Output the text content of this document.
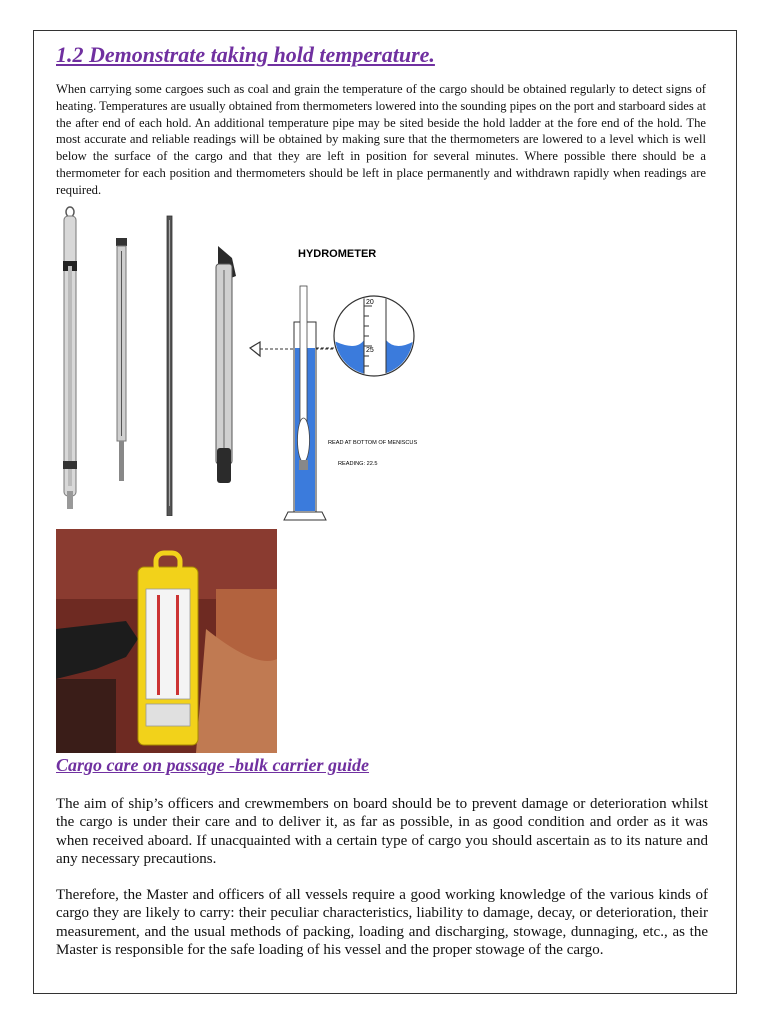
1.2 Demonstrate taking hold temperature.
When carrying some cargoes such as coal and grain the temperature of the cargo should be obtained regularly to detect signs of heating. Temperatures are usually obtained from thermometers lowered into the sounding pipes on the port and starboard sides at the after end of each hold. An additional temperature pipe may be sited beside the hold ladder at the fore end of the hold. The most accurate and reliable readings will be obtained by making sure that the thermometers are lowered to a level which is well below the surface of the cargo and that they are left in position for several minutes. Where possible there should be a thermometer for each position and thermometers should be left in place permanently and withdrawn rapidly when readings are required.
HYDROMETER
20
25
READ AT BOTTOM OF MENISCUS
READING: 22.5
Cargo care on passage -bulk carrier guide
The aim of ship’s officers and crewmembers on board should be to prevent damage or deterioration whilst the cargo is under their care and to deliver it, as far as possible, in as good condition and order as it was when received aboard. If unacquainted with a certain type of cargo you should ascertain as to its nature and any necessary precautions.
Therefore, the Master and officers of all vessels require a good working knowledge of the various kinds of cargo they are likely to carry: their peculiar characteristics, liability to damage, decay, or deterioration, their measurement, and the usual methods of packing, loading and discharging, stowage, dunnaging, etc., as the Master is responsible for the safe loading of his vessel and the proper stowage of the cargo.
